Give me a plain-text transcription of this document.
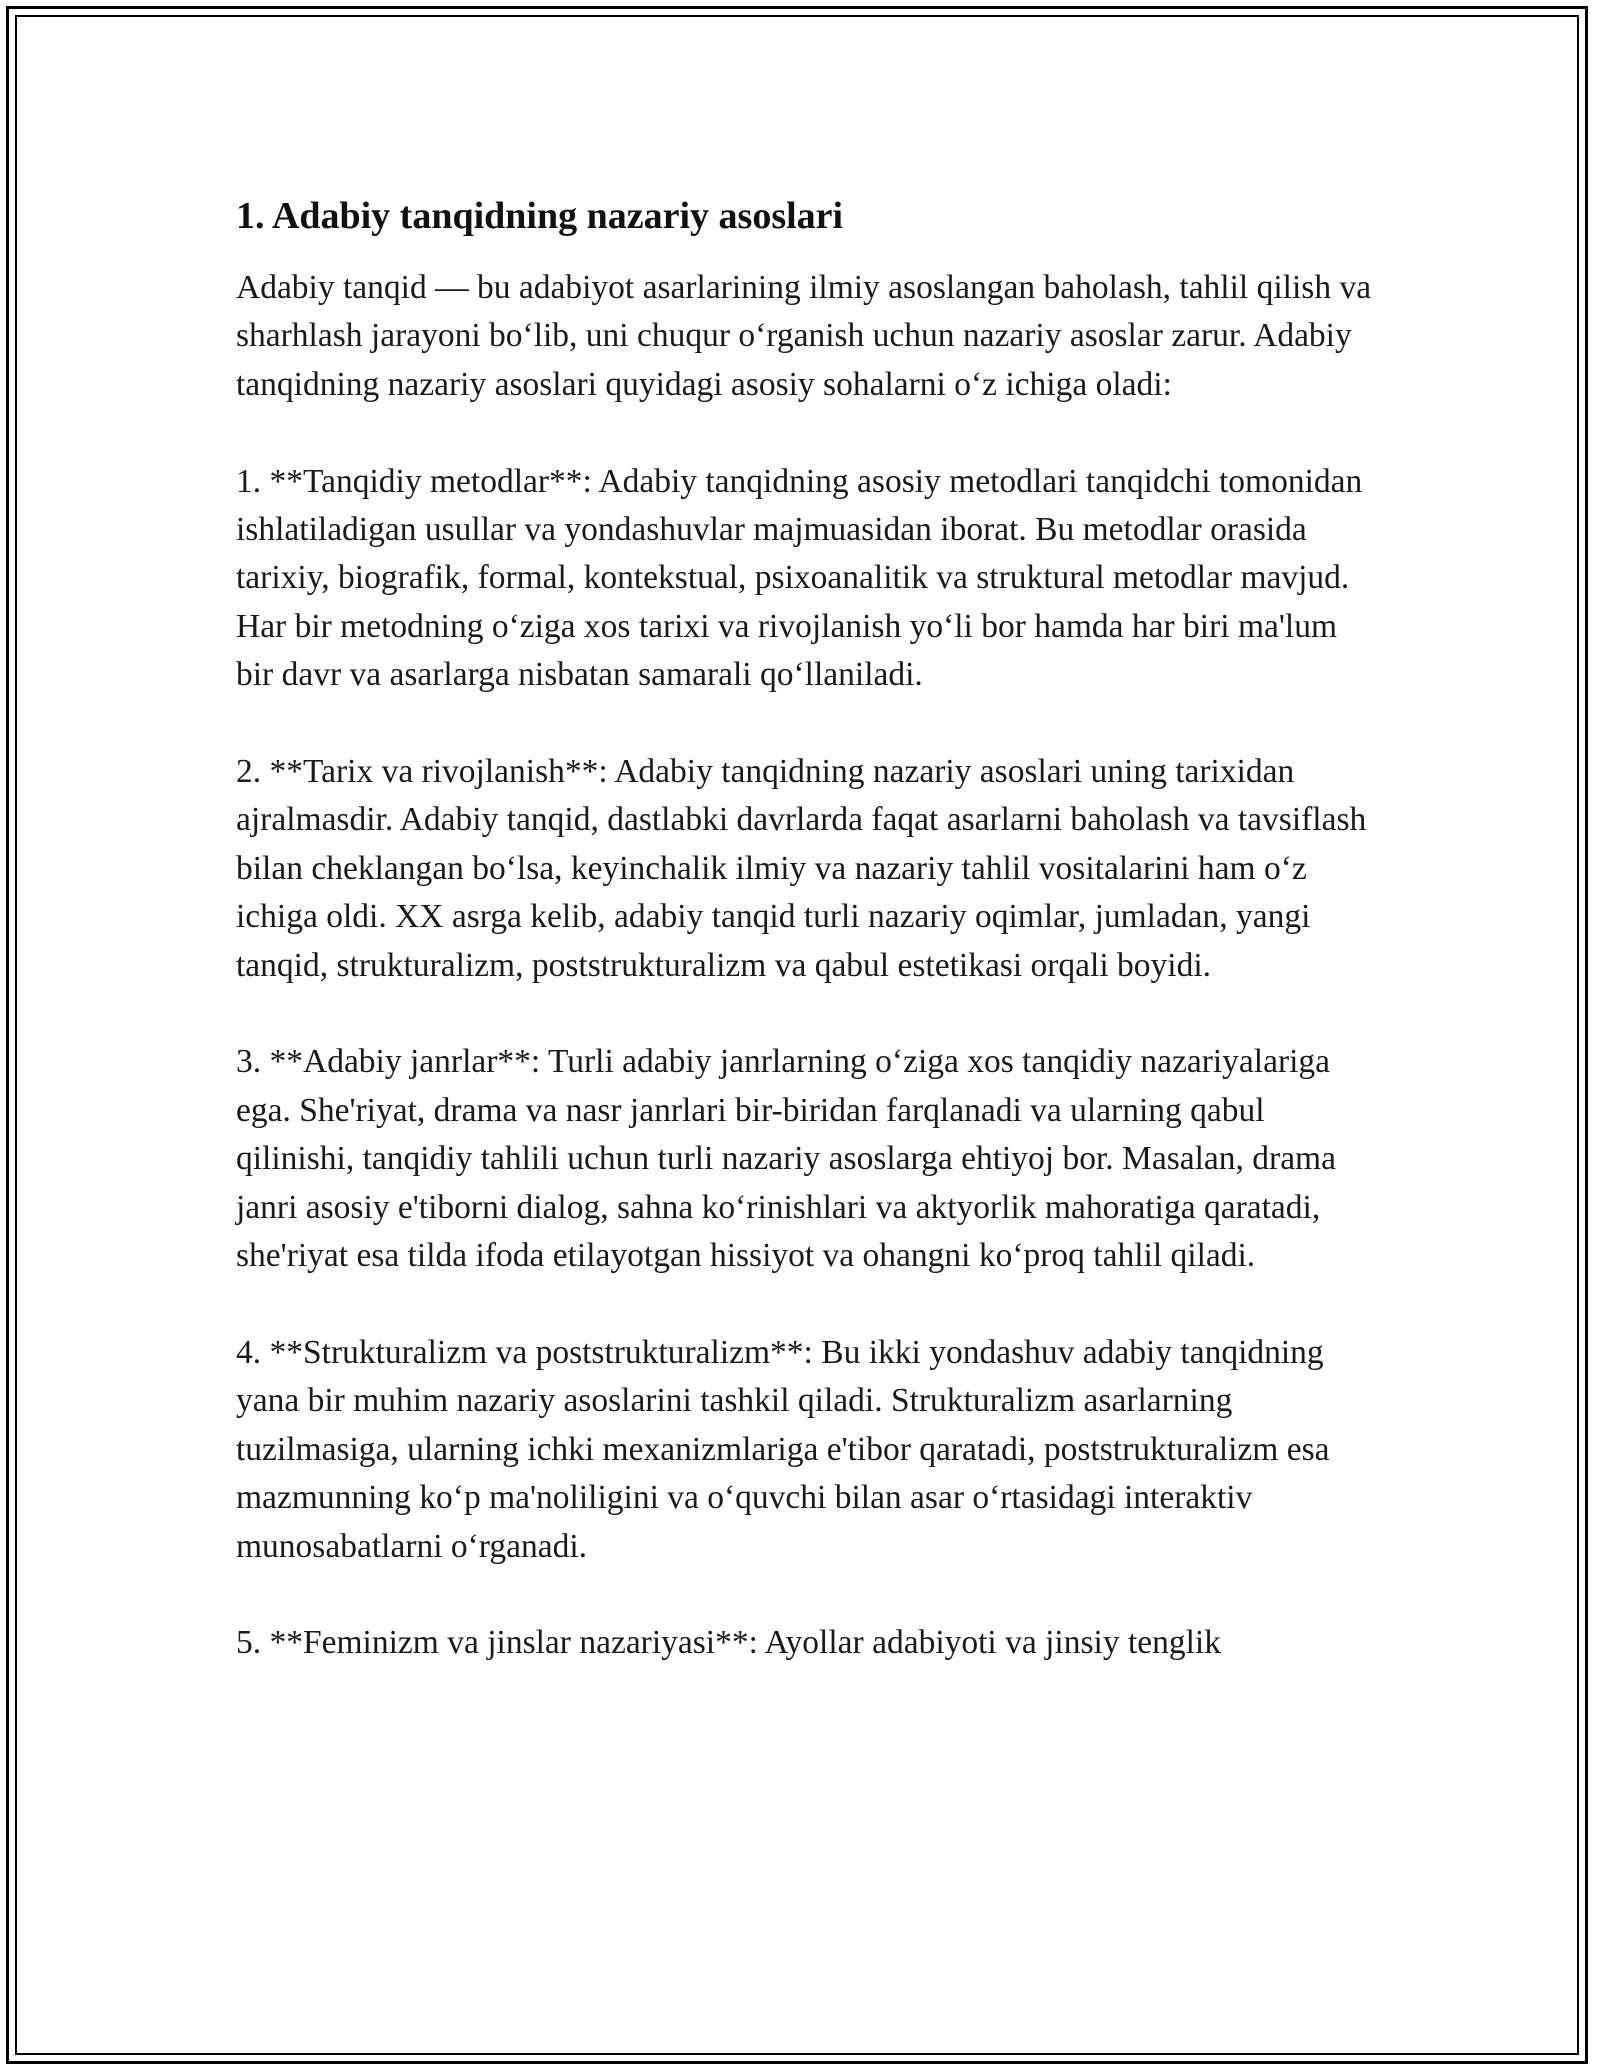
1. Adabiy tanqidning nazariy asoslari

Adabiy tanqid — bu adabiyot asarlarining ilmiy asoslangan baholash, tahlil qilish va sharhlash jarayoni bo‘lib, uni chuqur o‘rganish uchun nazariy asoslar zarur. Adabiy tanqidning nazariy asoslari quyidagi asosiy sohalarni o‘z ichiga oladi:

1. **Tanqidiy metodlar**: Adabiy tanqidning asosiy metodlari tanqidchi tomonidan ishlatiladigan usullar va yondashuvlar majmuasidan iborat. Bu metodlar orasida tarixiy, biografik, formal, kontekstual, psixoanalitik va struktural metodlar mavjud. Har bir metodning o‘ziga xos tarixi va rivojlanish yo‘li bor hamda har biri ma'lum bir davr va asarlarga nisbatan samarali qo‘llaniladi.

2. **Tarix va rivojlanish**: Adabiy tanqidning nazariy asoslari uning tarixidan ajralmasdir. Adabiy tanqid, dastlabki davrlarda faqat asarlarni baholash va tavsiflash bilan cheklangan bo‘lsa, keyinchalik ilmiy va nazariy tahlil vositalarini ham o‘z ichiga oldi. XX asrga kelib, adabiy tanqid turli nazariy oqimlar, jumladan, yangi tanqid, strukturalizm, poststrukturalizm va qabul estetikasi orqali boyidi.

3. **Adabiy janrlar**: Turli adabiy janrlarning o‘ziga xos tanqidiy nazariyalariga ega. She'riyat, drama va nasr janrlari bir-biridan farqlanadi va ularning qabul qilinishi, tanqidiy tahlili uchun turli nazariy asoslarga ehtiyoj bor. Masalan, drama janri asosiy e'tiborni dialog, sahna ko‘rinishlari va aktyorlik mahoratiga qaratadi, she'riyat esa tilda ifoda etilayotgan hissiyot va ohangni ko‘proq tahlil qiladi.

4. **Strukturalizm va poststrukturalizm**: Bu ikki yondashuv adabiy tanqidning yana bir muhim nazariy asoslarini tashkil qiladi. Strukturalizm asarlarning tuzilmasiga, ularning ichki mexanizmlariga e'tibor qaratadi, poststrukturalizm esa mazmunning ko‘p ma'noliligini va o‘quvchi bilan asar o‘rtasidagi interaktiv munosabatlarni o‘rganadi.

5. **Feminizm va jinslar nazariyasi**: Ayollar adabiyoti va jinsiy tenglik
